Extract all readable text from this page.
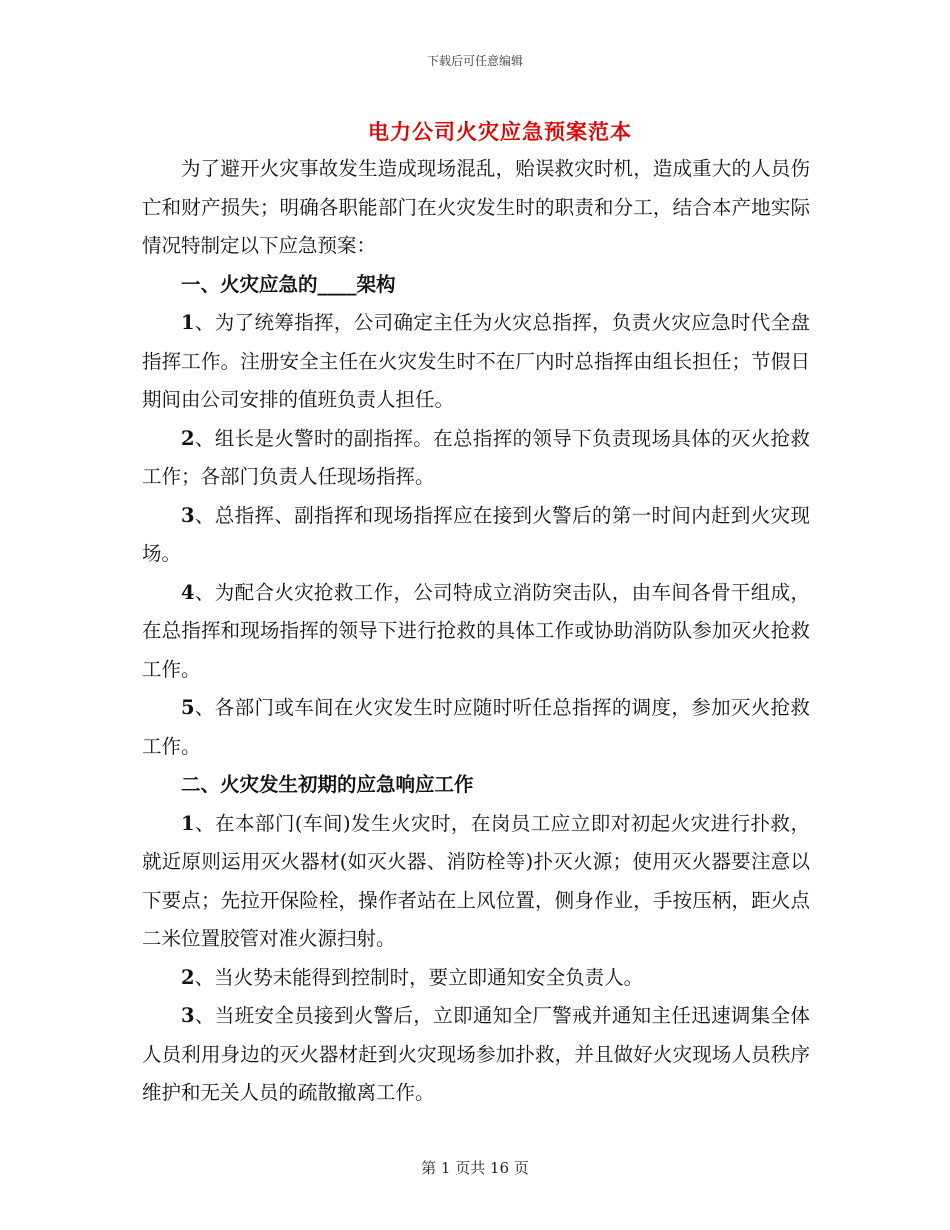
下载后可任意编辑
电力公司火灾应急预案范本

为了避开火灾事故发生造成现场混乱，贻误救灾时机，造成重大的人员伤亡和财产损失；明确各职能部门在火灾发生时的职责和分工，结合本产地实际情况特制定以下应急预案：

一、火灾应急的____架构

1、为了统筹指挥，公司确定主任为火灾总指挥，负责火灾应急时代全盘指挥工作。注册安全主任在火灾发生时不在厂内时总指挥由组长担任；节假日期间由公司安排的值班负责人担任。

2、组长是火警时的副指挥。在总指挥的领导下负责现场具体的灭火抢救工作；各部门负责人任现场指挥。

3、总指挥、副指挥和现场指挥应在接到火警后的第一时间内赶到火灾现场。

4、为配合火灾抢救工作，公司特成立消防突击队，由车间各骨干组成，在总指挥和现场指挥的领导下进行抢救的具体工作或协助消防队参加灭火抢救工作。

5、各部门或车间在火灾发生时应随时听任总指挥的调度，参加灭火抢救工作。

二、火灾发生初期的应急响应工作

1、在本部门(车间)发生火灾时，在岗员工应立即对初起火灾进行扑救，就近原则运用灭火器材(如灭火器、消防栓等)扑灭火源；使用灭火器要注意以下要点；先拉开保险栓，操作者站在上风位置，侧身作业，手按压柄，距火点二米位置胶管对准火源扫射。

2、当火势未能得到控制时，要立即通知安全负责人。

3、当班安全员接到火警后，立即通知全厂警戒并通知主任迅速调集全体人员利用身边的灭火器材赶到火灾现场参加扑救，并且做好火灾现场人员秩序维护和无关人员的疏散撤离工作。

第 1 页共 16 页
